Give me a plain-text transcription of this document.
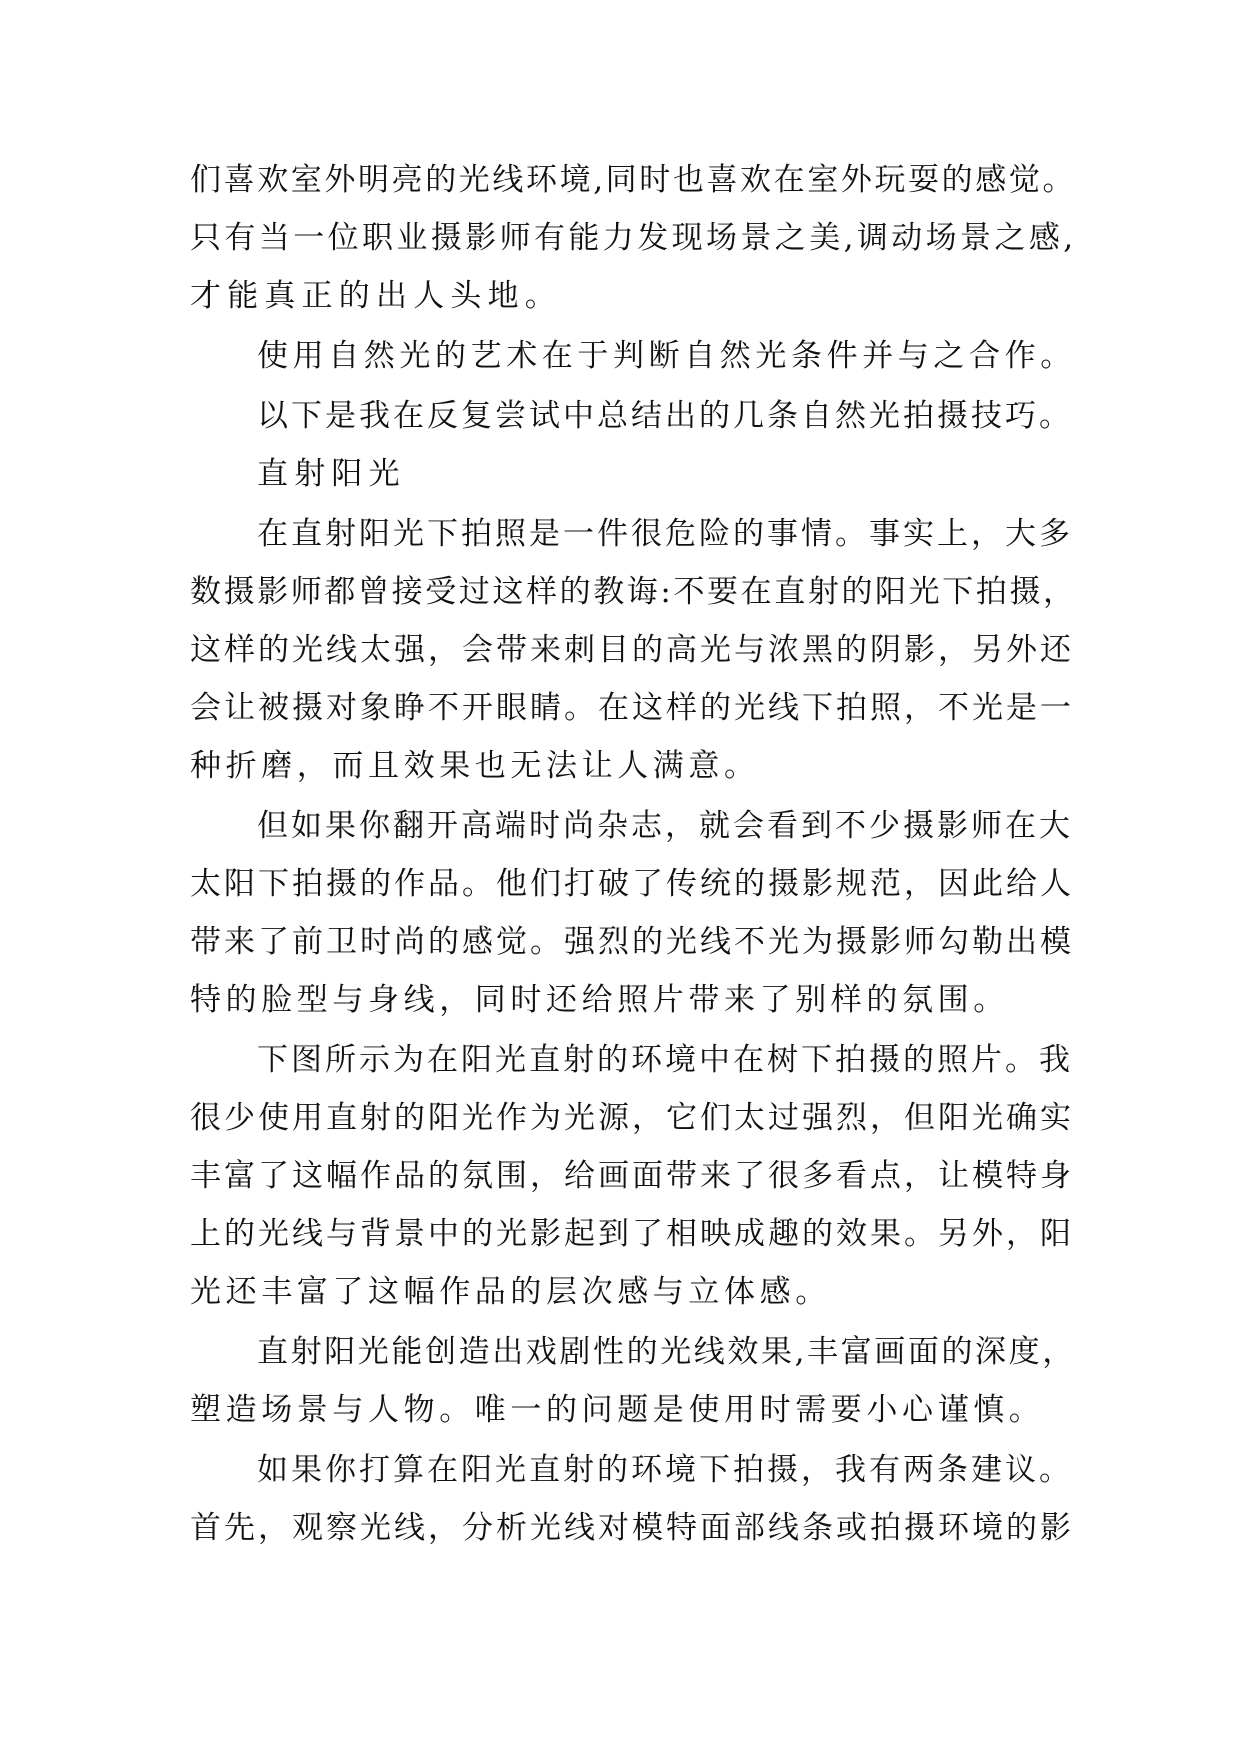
们喜欢室外明亮的光线环境,同时也喜欢在室外玩耍的感觉。

只有当一位职业摄影师有能力发现场景之美,调动场景之感,

才能真正的出人头地。

使用自然光的艺术在于判断自然光条件并与之合作。

以下是我在反复尝试中总结出的几条自然光拍摄技巧。

直射阳光

在直射阳光下拍照是一件很危险的事情。事实上，大多

数摄影师都曾接受过这样的教诲:不要在直射的阳光下拍摄，

这样的光线太强，会带来刺目的高光与浓黑的阴影，另外还

会让被摄对象睁不开眼睛。在这样的光线下拍照，不光是一

种折磨，而且效果也无法让人满意。

但如果你翻开高端时尚杂志，就会看到不少摄影师在大

太阳下拍摄的作品。他们打破了传统的摄影规范，因此给人

带来了前卫时尚的感觉。强烈的光线不光为摄影师勾勒出模

特的脸型与身线，同时还给照片带来了别样的氛围。

下图所示为在阳光直射的环境中在树下拍摄的照片。我

很少使用直射的阳光作为光源，它们太过强烈，但阳光确实

丰富了这幅作品的氛围，给画面带来了很多看点，让模特身

上的光线与背景中的光影起到了相映成趣的效果。另外，阳

光还丰富了这幅作品的层次感与立体感。

直射阳光能创造出戏剧性的光线效果,丰富画面的深度，

塑造场景与人物。唯一的问题是使用时需要小心谨慎。

如果你打算在阳光直射的环境下拍摄，我有两条建议。

首先，观察光线，分析光线对模特面部线条或拍摄环境的影
